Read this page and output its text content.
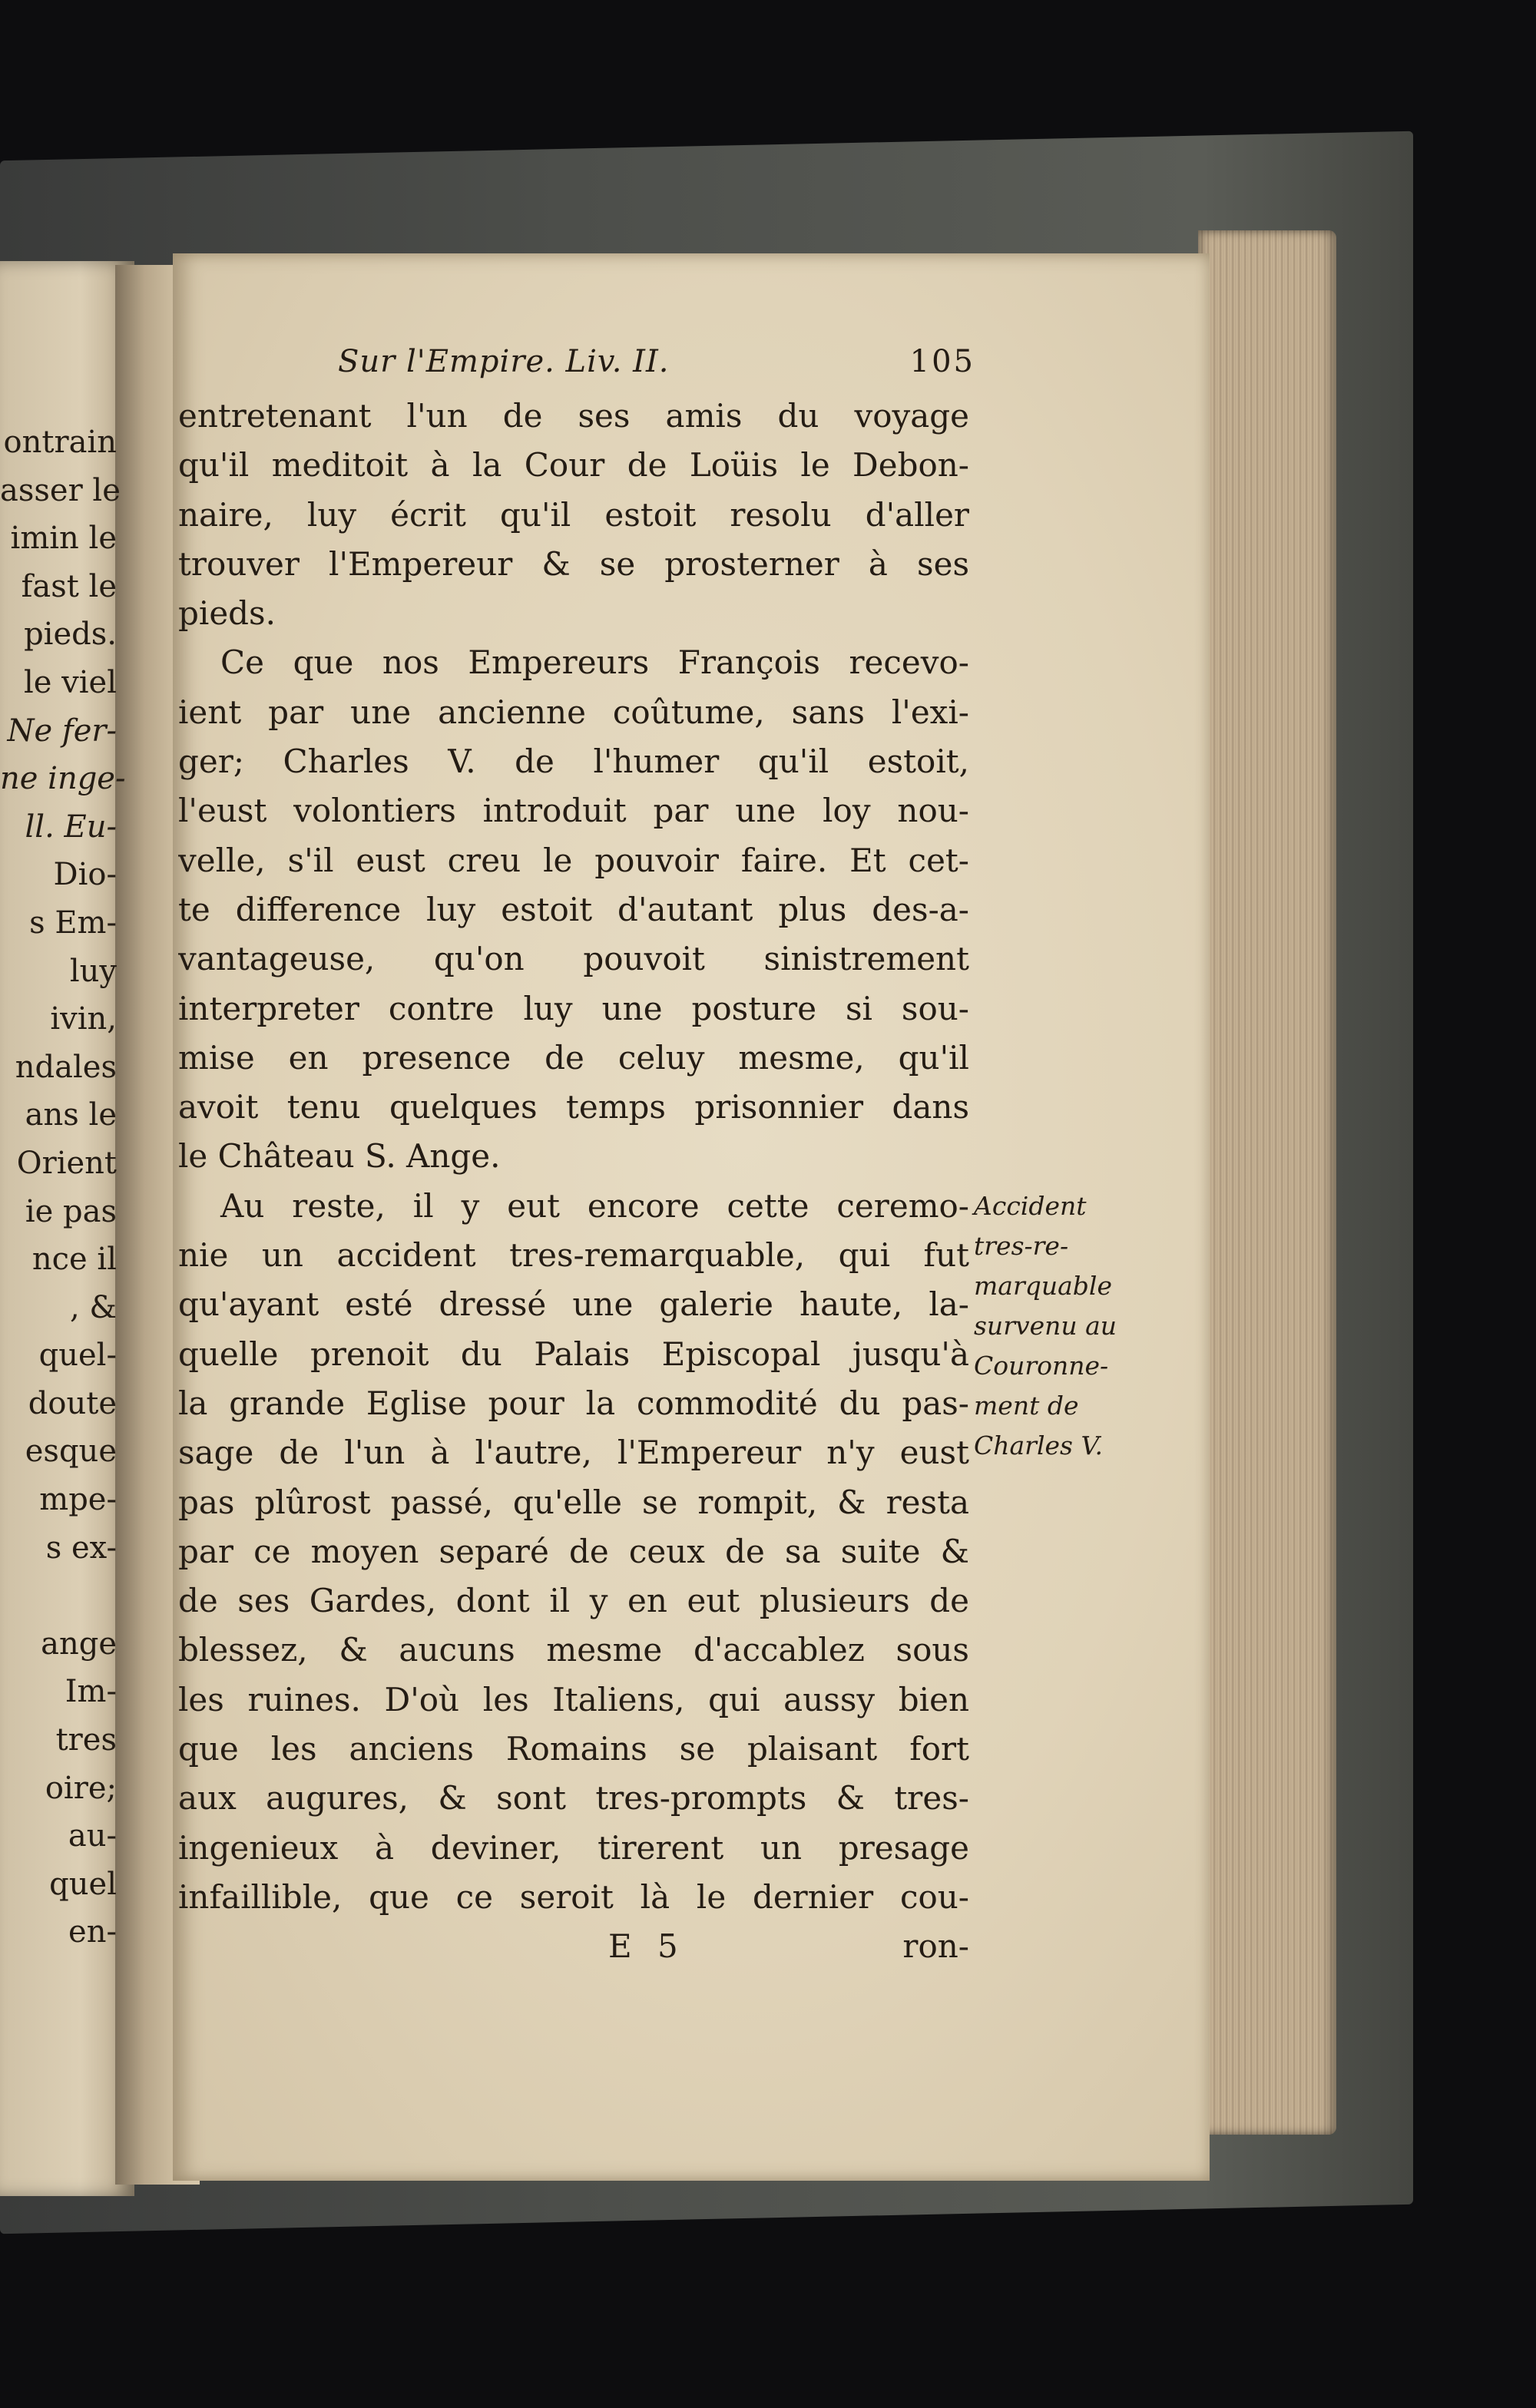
ontrain
asser le
imin le
fast le
pieds.
le viel
Ne fer-
ne inge-
ll. Eu-
Dio-
s Em-
luy
ivin,
ndales
ans le
Orient
ie pas
nce il
, &
quel-
doute
esque
mpe-
s ex-
ange
Im-
tres
oire;
au-
quel
en-
Sur l'Empire. Liv. II.	105
entretenant l'un de ses amis du voyage
qu'il meditoit à la Cour de Loüis le Debon-
naire, luy écrit qu'il estoit resolu d'aller
trouver l'Empereur & se prosterner à ses
pieds.
Ce que nos Empereurs François recevo-
ient par une ancienne coûtume, sans l'exi-
ger; Charles V. de l'humer qu'il estoit,
l'eust volontiers introduit par une loy nou-
velle, s'il eust creu le pouvoir faire. Et cet-
te difference luy estoit d'autant plus des-a-
vantageuse, qu'on pouvoit sinistrement
interpreter contre luy une posture si sou-
mise en presence de celuy mesme, qu'il
avoit tenu quelques temps prisonnier dans
le Château S. Ange.
Au reste, il y eut encore cette ceremo-
nie un accident tres-remarquable, qui fut
qu'ayant esté dressé une galerie haute, la-
quelle prenoit du Palais Episcopal jusqu'à
la grande Eglise pour la commodité du pas-
sage de l'un à l'autre, l'Empereur n'y eust
pas plûrost passé, qu'elle se rompit, & resta
par ce moyen separé de ceux de sa suite &
de ses Gardes, dont il y en eut plusieurs de
blessez, & aucuns mesme d'accablez sous
les ruines. D'où les Italiens, qui aussy bien
que les anciens Romains se plaisant fort
aux augures, & sont tres-prompts & tres-
ingenieux à deviner, tirerent un presage
infaillible, que ce seroit là le dernier cou-
Accident
tres-re-
marquable
survenu au
Couronne-
ment de
Charles V.
E 5	ron-
